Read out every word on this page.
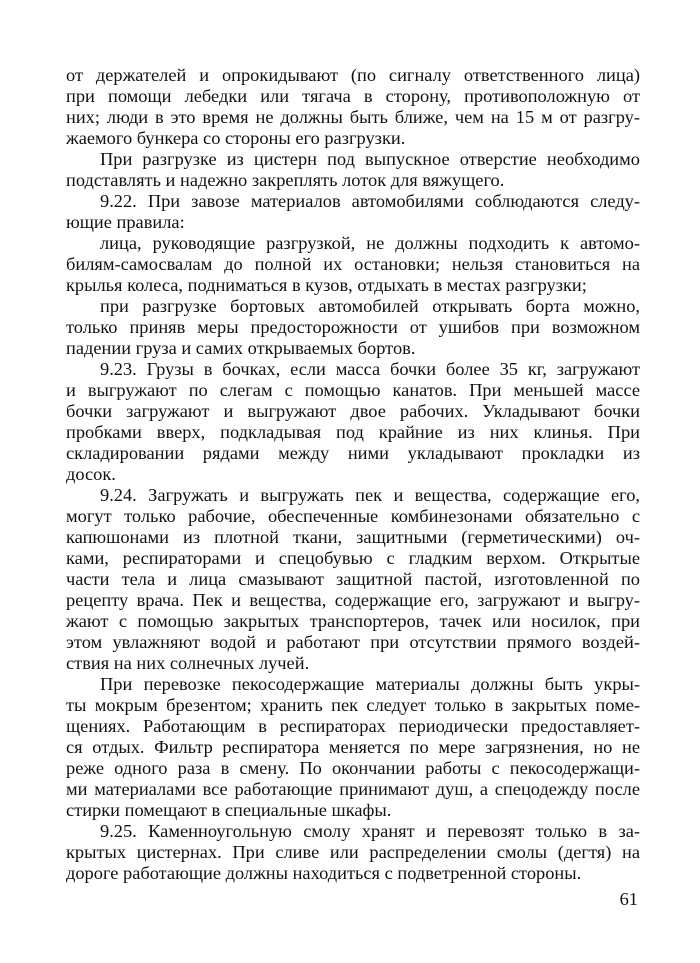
от держателей и опрокидывают (по сигналу ответственного лица)
при помощи лебедки или тягача в сторону, противоположную от
них; люди в это время не должны быть ближе, чем на 15 м от разгру-
жаемого бункера со стороны его разгрузки.
При разгрузке из цистерн под выпускное отверстие необходимо
подставлять и надежно закреплять лоток для вяжущего.
9.22. При завозе материалов автомобилями соблюдаются следу-
ющие правила:
лица, руководящие разгрузкой, не должны подходить к автомо-
билям-самосвалам до полной их остановки; нельзя становиться на
крылья колеса, подниматься в кузов, отдыхать в местах разгрузки;
при разгрузке бортовых автомобилей открывать борта можно,
только приняв меры предосторожности от ушибов при возможном
падении груза и самих открываемых бортов.
9.23. Грузы в бочках, если масса бочки более 35 кг, загружают
и выгружают по слегам с помощью канатов. При меньшей массе
бочки загружают и выгружают двое рабочих. Укладывают бочки
пробками вверх, подкладывая под крайние из них клинья. При
складировании рядами между ними укладывают прокладки из
досок.
9.24. Загружать и выгружать пек и вещества, содержащие его,
могут только рабочие, обеспеченные комбинезонами обязательно с
капюшонами из плотной ткани, защитными (герметическими) оч-
ками, респираторами и спецобувью с гладким верхом. Открытые
части тела и лица смазывают защитной пастой, изготовленной по
рецепту врача. Пек и вещества, содержащие его, загружают и выгру-
жают с помощью закрытых транспортеров, тачек или носилок, при
этом увлажняют водой и работают при отсутствии прямого воздей-
ствия на них солнечных лучей.
При перевозке пекосодержащие материалы должны быть укры-
ты мокрым брезентом; хранить пек следует только в закрытых поме-
щениях. Работающим в респираторах периодически предоставляет-
ся отдых. Фильтр респиратора меняется по мере загрязнения, но не
реже одного раза в смену. По окончании работы с пекосодержащи-
ми материалами все работающие принимают душ, а спецодежду после
стирки помещают в специальные шкафы.
9.25. Каменноугольную смолу хранят и перевозят только в за-
крытых цистернах. При сливе или распределении смолы (дегтя) на
дороге работающие должны находиться с подветренной стороны.
61
